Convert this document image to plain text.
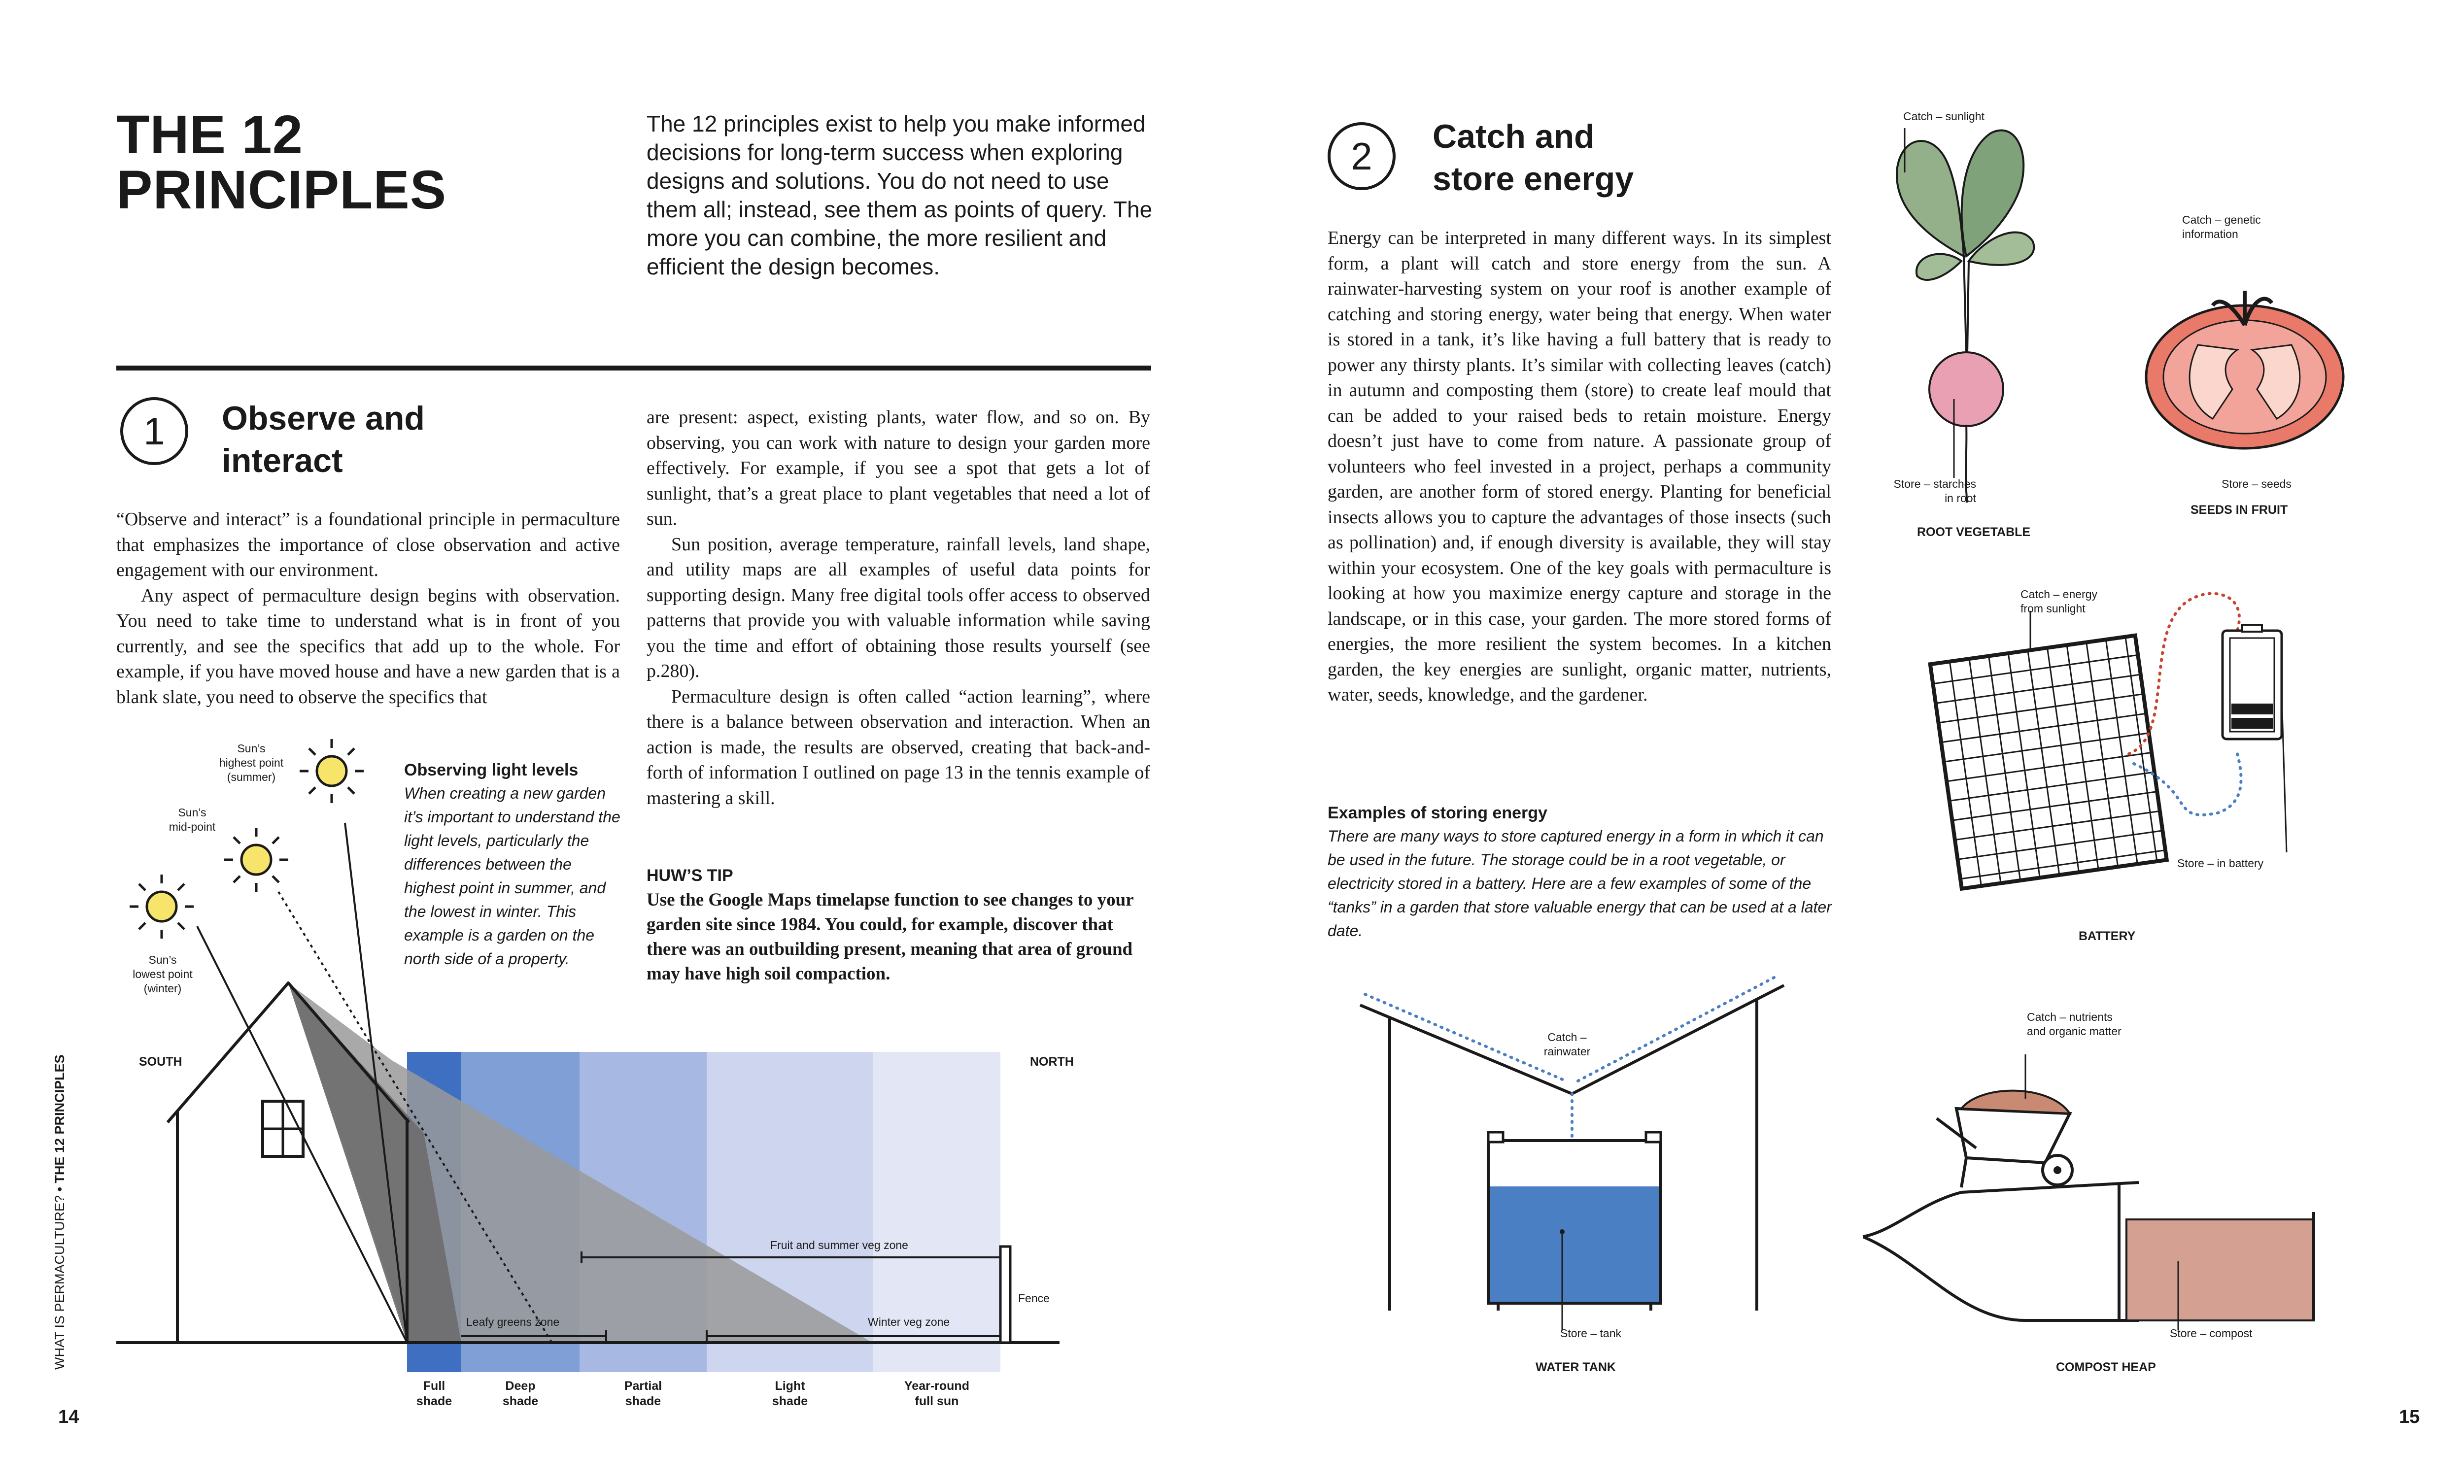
THE 12
PRINCIPLES
The 12 principles exist to help you make informed decisions for long-term success when exploring designs and solutions. You do not need to use them all; instead, see them as points of query. The more you can combine, the more resilient and efficient the design becomes.
1	Observe and
interact

“Observe and interact” is a foundational principle in permaculture that emphasizes the importance of close observation and active engagement with our environment.

Any aspect of permaculture design begins with observation. You need to take time to understand what is in front of you currently, and see the specifics that add up to the whole. For example, if you have moved house and have a new garden that is a blank slate, you need to observe the specifics that

are present: aspect, existing plants, water flow, and so on. By observing, you can work with nature to design your garden more effectively. For example, if you see a spot that gets a lot of sunlight, that’s a great place to plant vegetables that need a lot of sun.

Sun position, average temperature, rainfall levels, land shape, and utility maps are all examples of useful data points for supporting design. Many free digital tools offer access to observed patterns that provide you with valuable information while saving you the time and effort of obtaining those results yourself (see p.280).

Permaculture design is often called “action learning”, where there is a balance between observation and interaction. When an action is made, the results are observed, creating that back-and-forth of information I outlined on page 13 in the tennis example of mastering a skill.

HUW’S TIP

Use the Google Maps timelapse function to see changes to your garden site since 1984. You could, for example, discover that there was an outbuilding present, meaning that area of ground may have high soil compaction.

Observing light levels
When creating a new garden it’s important to understand the light levels, particularly the differences between the highest point in summer, and the lowest in winter. This example is a garden on the north side of a property.
Sun’s
highest point
(summer)
Sun’s
mid-point
Sun’s
lowest point
(winter)
SOUTH	NORTH
Fence
Fruit and summer veg zone
Leafy greens zone	Winter veg zone
Full
shade
Deep
shade
Partial
shade
Light
shade
Year-round
full sun
WHAT IS PERMACULTURE? • THE 12 PRINCIPLES
14
2	Catch and
store energy

Energy can be interpreted in many different ways. In its simplest form, a plant will catch and store energy from the sun. A rainwater-harvesting system on your roof is another example of catching and storing energy, water being that energy. When water is stored in a tank, it’s like having a full battery that is ready to power any thirsty plants. It’s similar with collecting leaves (catch) in autumn and composting them (store) to create leaf mould that can be added to your raised beds to retain moisture. Energy doesn’t just have to come from nature. A passionate group of volunteers who feel invested in a project, perhaps a community garden, are another form of stored energy. Planting for beneficial insects allows you to capture the advantages of those insects (such as pollination) and, if enough diversity is available, they will stay within your ecosystem. One of the key goals with permaculture is looking at how you maximize energy capture and storage in the landscape, or in this case, your garden. The more stored forms of energies, the more resilient the system becomes. In a kitchen garden, the key energies are sunlight, organic matter, nutrients, water, seeds, knowledge, and the gardener.

Examples of storing energy
There are many ways to store captured energy in a form in which it can be used in the future. The storage could be in a root vegetable, or electricity stored in a battery. Here are a few examples of some of the “tanks” in a garden that store valuable energy that can be used at a later date.
Catch – sunlight
Store – starches
in root
ROOT VEGETABLE
Catch – genetic
information
Store – seeds
SEEDS IN FRUIT
Catch – energy
from sunlight
Store – in battery
BATTERY
Catch –
rainwater
Store – tank
WATER TANK
Catch – nutrients
and organic matter
Store – compost
COMPOST HEAP
15
